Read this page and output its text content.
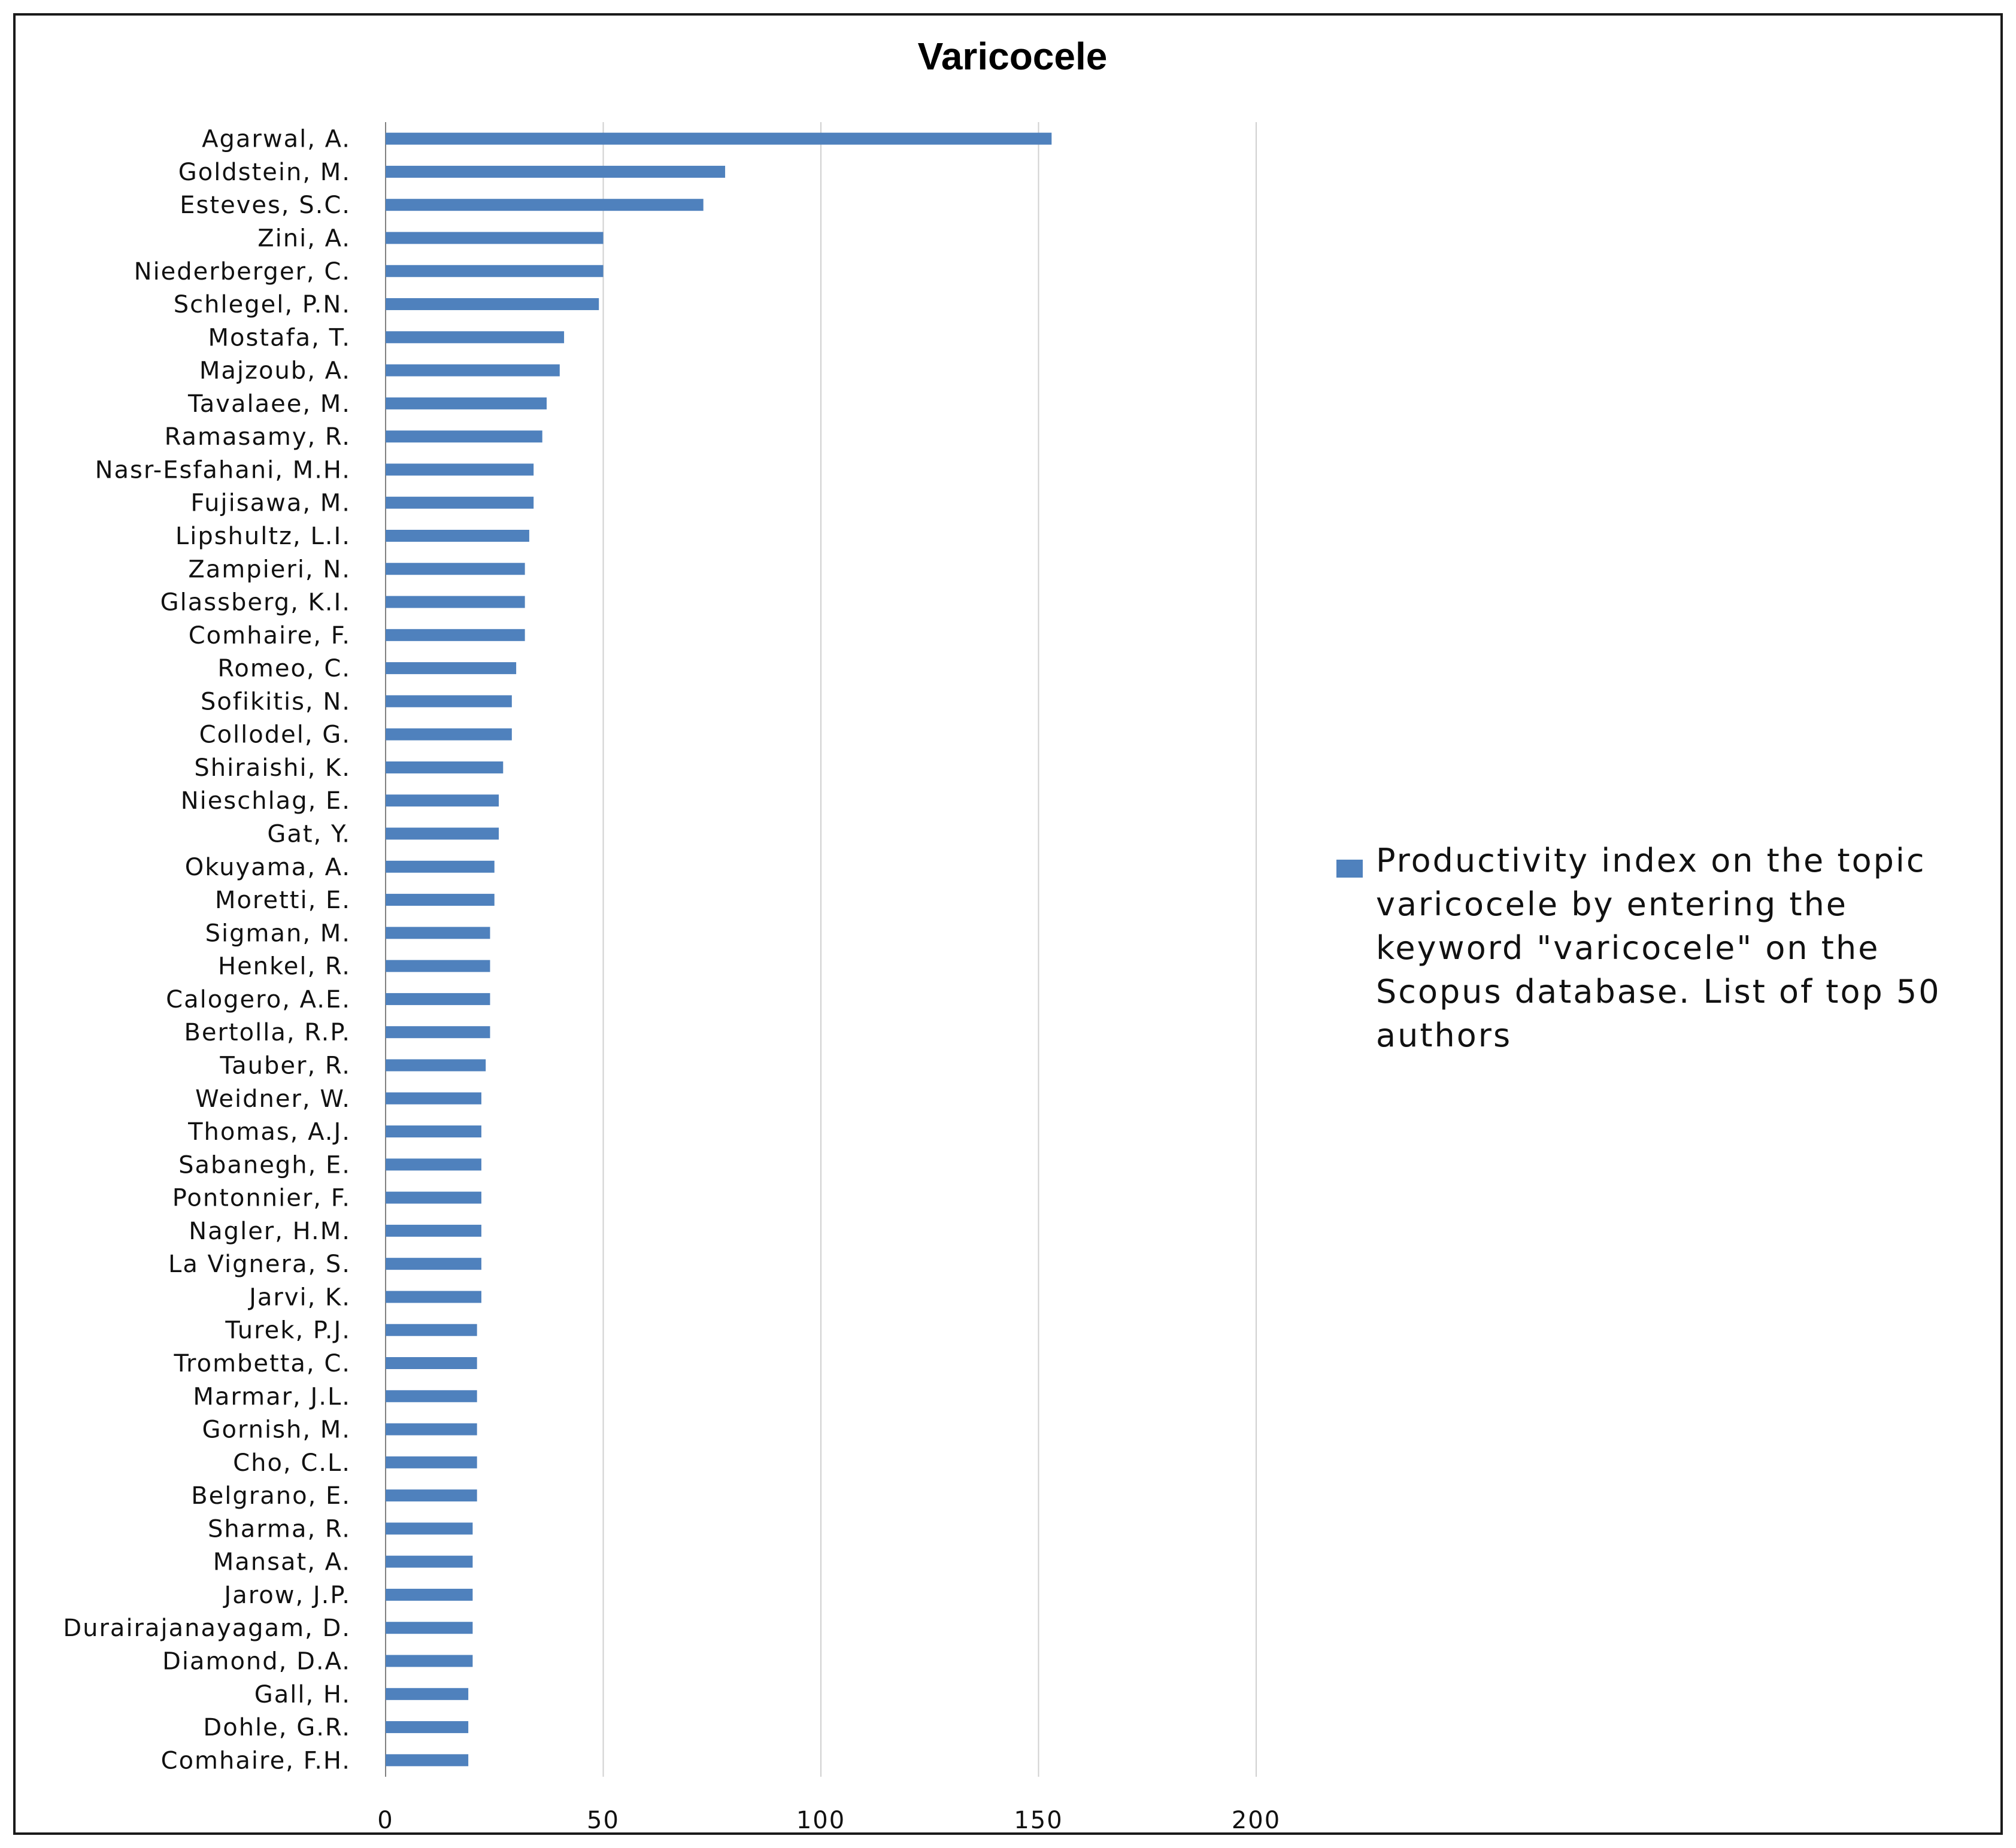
Varicocele
Agarwal, A.
Goldstein, M.
Esteves, S.C.
Zini, A.
Niederberger, C.
Schlegel, P.N.
Mostafa, T.
Majzoub, A.
Tavalaee, M.
Ramasamy, R.
Nasr-Esfahani, M.H.
Fujisawa, M.
Lipshultz, L.I.
Zampieri, N.
Glassberg, K.I.
Comhaire, F.
Romeo, C.
Sofikitis, N.
Collodel, G.
Shiraishi, K.
Nieschlag, E.
Gat, Y.
Okuyama, A.
Moretti, E.
Sigman, M.
Henkel, R.
Calogero, A.E.
Bertolla, R.P.
Tauber, R.
Weidner, W.
Thomas, A.J.
Sabanegh, E.
Pontonnier, F.
Nagler, H.M.
La Vignera, S.
Jarvi, K.
Turek, P.J.
Trombetta, C.
Marmar, J.L.
Gornish, M.
Cho, C.L.
Belgrano, E.
Sharma, R.
Mansat, A.
Jarow, J.P.
Durairajanayagam, D.
Diamond, D.A.
Gall, H.
Dohle, G.R.
Comhaire, F.H.
0	50	100	150	200
Productivity index on the topic varicocele by entering the keyword "varicocele" on the Scopus database. List of top 50 authors
